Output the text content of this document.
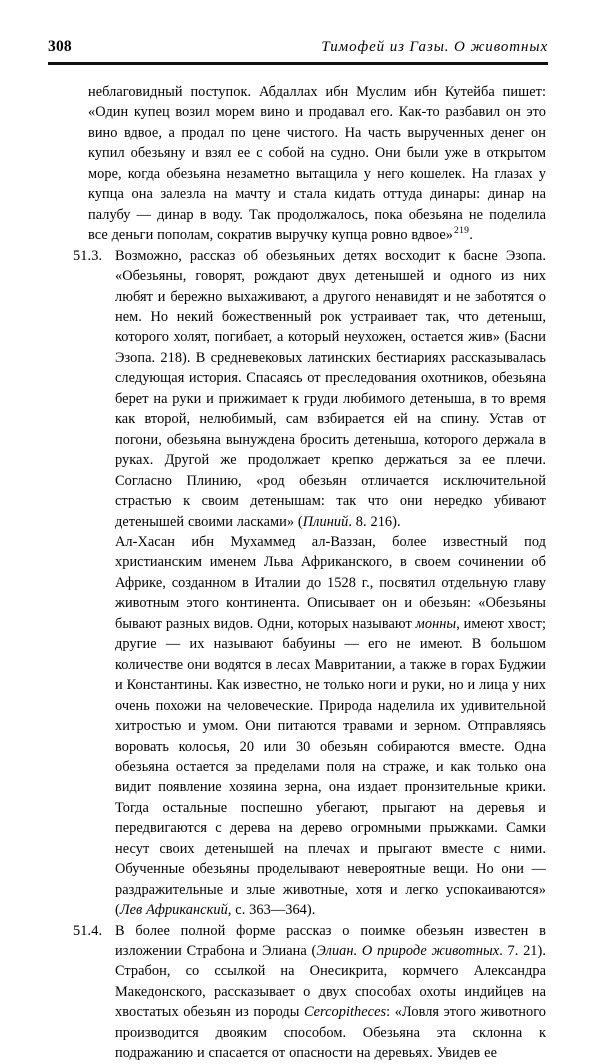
308	Тимофей из Газы. О животных

неблаговидный поступок. Абдаллах ибн Муслим ибн Кутейба пишет: «Один купец возил морем вино и продавал его. Как-то разбавил он это вино вдвое, а продал по цене чистого. На часть вырученных денег он купил обезьяну и взял ее с собой на судно. Они были уже в открытом море, когда обезьяна незаметно вытащила у него кошелек. На глазах у купца она залезла на мачту и стала кидать оттуда динары: динар на палубу — динар в воду. Так продолжалось, пока обезьяна не поделила все деньги пополам, сократив выручку купца ровно вдвое»$^{219}$.

51.3. Возможно, рассказ об обезьяньих детях восходит к басне Эзопа. «Обезьяны, говорят, рождают двух детенышей и одного из них любят и бережно выхаживают, а другого ненавидят и не заботятся о нем. Но некий божественный рок устраивает так, что детеныш, которого холят, погибает, а который неухожен, остается жив» (Басни Эзопа. 218). В средневековых латинских бестиариях рассказывалась следующая история. Спасаясь от преследования охотников, обезьяна берет на руки и прижимает к груди любимого детеныша, в то время как второй, нелюбимый, сам взбирается ей на спину. Устав от погони, обезьяна вынуждена бросить детеныша, которого держала в руках. Другой же продолжает крепко держаться за ее плечи. Согласно Плинию, «род обезьян отличается исключительной страстью к своим детенышам: так что они нередко убивают детенышей своими ласками» (Плиний. 8. 216).

Ал-Хасан ибн Мухаммед ал-Ваззан, более известный под христианским именем Льва Африканского, в своем сочинении об Африке, созданном в Италии до 1528 г., посвятил отдельную главу животным этого континента. Описывает он и обезьян: «Обезьяны бывают разных видов. Одни, которых называют монны, имеют хвост; другие — их называют бабуины — его не имеют. В большом количестве они водятся в лесах Мавритании, а также в горах Буджии и Константины. Как известно, не только ноги и руки, но и лица у них очень похожи на человеческие. Природа наделила их удивительной хитростью и умом. Они питаются травами и зерном. Отправляясь воровать колосья, 20 или 30 обезьян собираются вместе. Одна обезьяна остается за пределами поля на страже, и как только она видит появление хозяина зерна, она издает пронзительные крики. Тогда остальные поспешно убегают, прыгают на деревья и передвигаются с дерева на дерево огромными прыжками. Самки несут своих детенышей на плечах и прыгают вместе с ними. Обученные обезьяны проделывают невероятные вещи. Но они — раздражительные и злые животные, хотя и легко успокаиваются» (Лев Африканский, с. 363—364).

51.4. В более полной форме рассказ о поимке обезьян известен в изложении Страбона и Элиана (Элиан. О природе животных. 7. 21). Страбон, со ссылкой на Онесикрита, кормчего Александра Македонского, рассказывает о двух способах охоты индийцев на хвостатых обезьян из породы Cercopitheces: «Ловля этого животного производится двояким способом. Обезьяна эта склонна к подражанию и спасается от опасности на деревьях. Увидев ее
